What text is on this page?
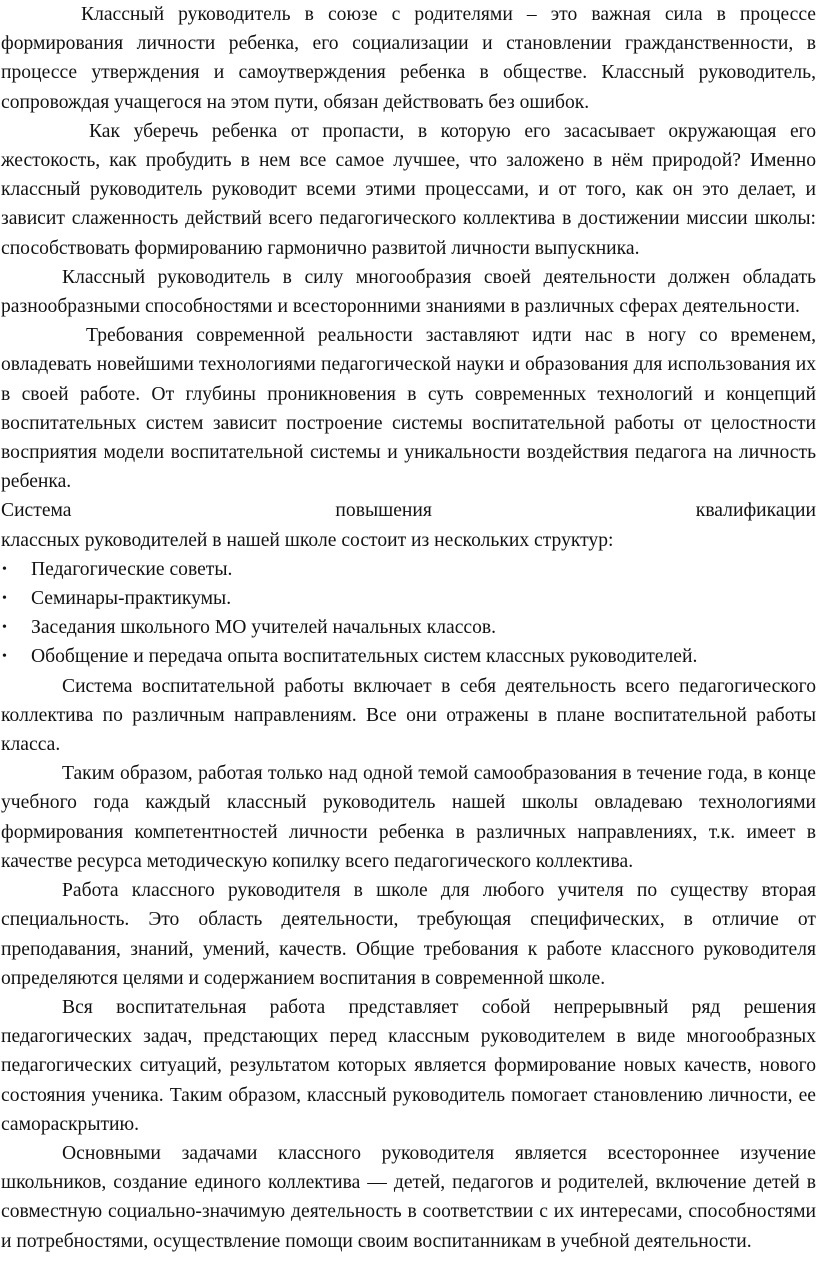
Классный руководитель в союзе с родителями – это важная сила в процессе формирования личности ребенка, его социализации и становлении гражданственности, в процессе утверждения и самоутверждения ребенка в обществе. Классный руководитель, сопровождая учащегося на этом пути, обязан действовать без ошибок.

Как уберечь ребенка от пропасти, в которую его засасывает окружающая его жестокость, как пробудить в нем все самое лучшее, что заложено в нём природой? Именно классный руководитель руководит всеми этими процессами, и от того, как он это делает, и зависит слаженность действий всего педагогического коллектива в достижении миссии школы: способствовать формированию гармонично развитой личности выпускника.

Классный руководитель в силу многообразия своей деятельности должен обладать разнообразными способностями и всесторонними знаниями в различных сферах деятельности.

Требования современной реальности заставляют идти нас в ногу со временем, овладевать новейшими технологиями педагогической науки и образования для использования их в своей работе. От глубины проникновения в суть современных технологий и концепций воспитательных систем зависит построение системы воспитательной работы от целостности восприятия модели воспитательной системы и уникальности воздействия педагога на личность ребенка.

Система	повышения	квалификации

классных руководителей в нашей школе состоит из нескольких структур:

• Педагогические советы.
• Семинары-практикумы.
• Заседания школьного МО учителей начальных классов.
• Обобщение и передача опыта воспитательных систем классных руководителей.

Система воспитательной работы включает в себя деятельность всего педагогического коллектива по различным направлениям. Все они отражены в плане воспитательной работы класса.

Таким образом, работая только над одной темой самообразования в течение года, в конце учебного года каждый классный руководитель нашей школы овладеваю технологиями формирования компетентностей личности ребенка в различных направлениях, т.к. имеет в качестве ресурса методическую копилку всего педагогического коллектива.

Работа классного руководителя в школе для любого учителя по существу вторая специальность. Это область деятельности, требующая специфических, в отличие от преподавания, знаний, умений, качеств. Общие требования к работе классного руководителя определяются целями и содержанием воспитания в современной школе.

Вся воспитательная работа представляет собой непрерывный ряд решения педагогических задач, предстающих перед классным руководителем в виде многообразных педагогических ситуаций, результатом которых является формирование новых качеств, нового состояния ученика. Таким образом, классный руководитель помогает становлению личности, ее самораскрытию.

Основными задачами классного руководителя является всестороннее изучение школьников, создание единого коллектива — детей, педагогов и родителей, включение детей в совместную социально-значимую деятельность в соответствии с их интересами, способностями и потребностями, осуществление помощи своим воспитанникам в учебной деятельности.
